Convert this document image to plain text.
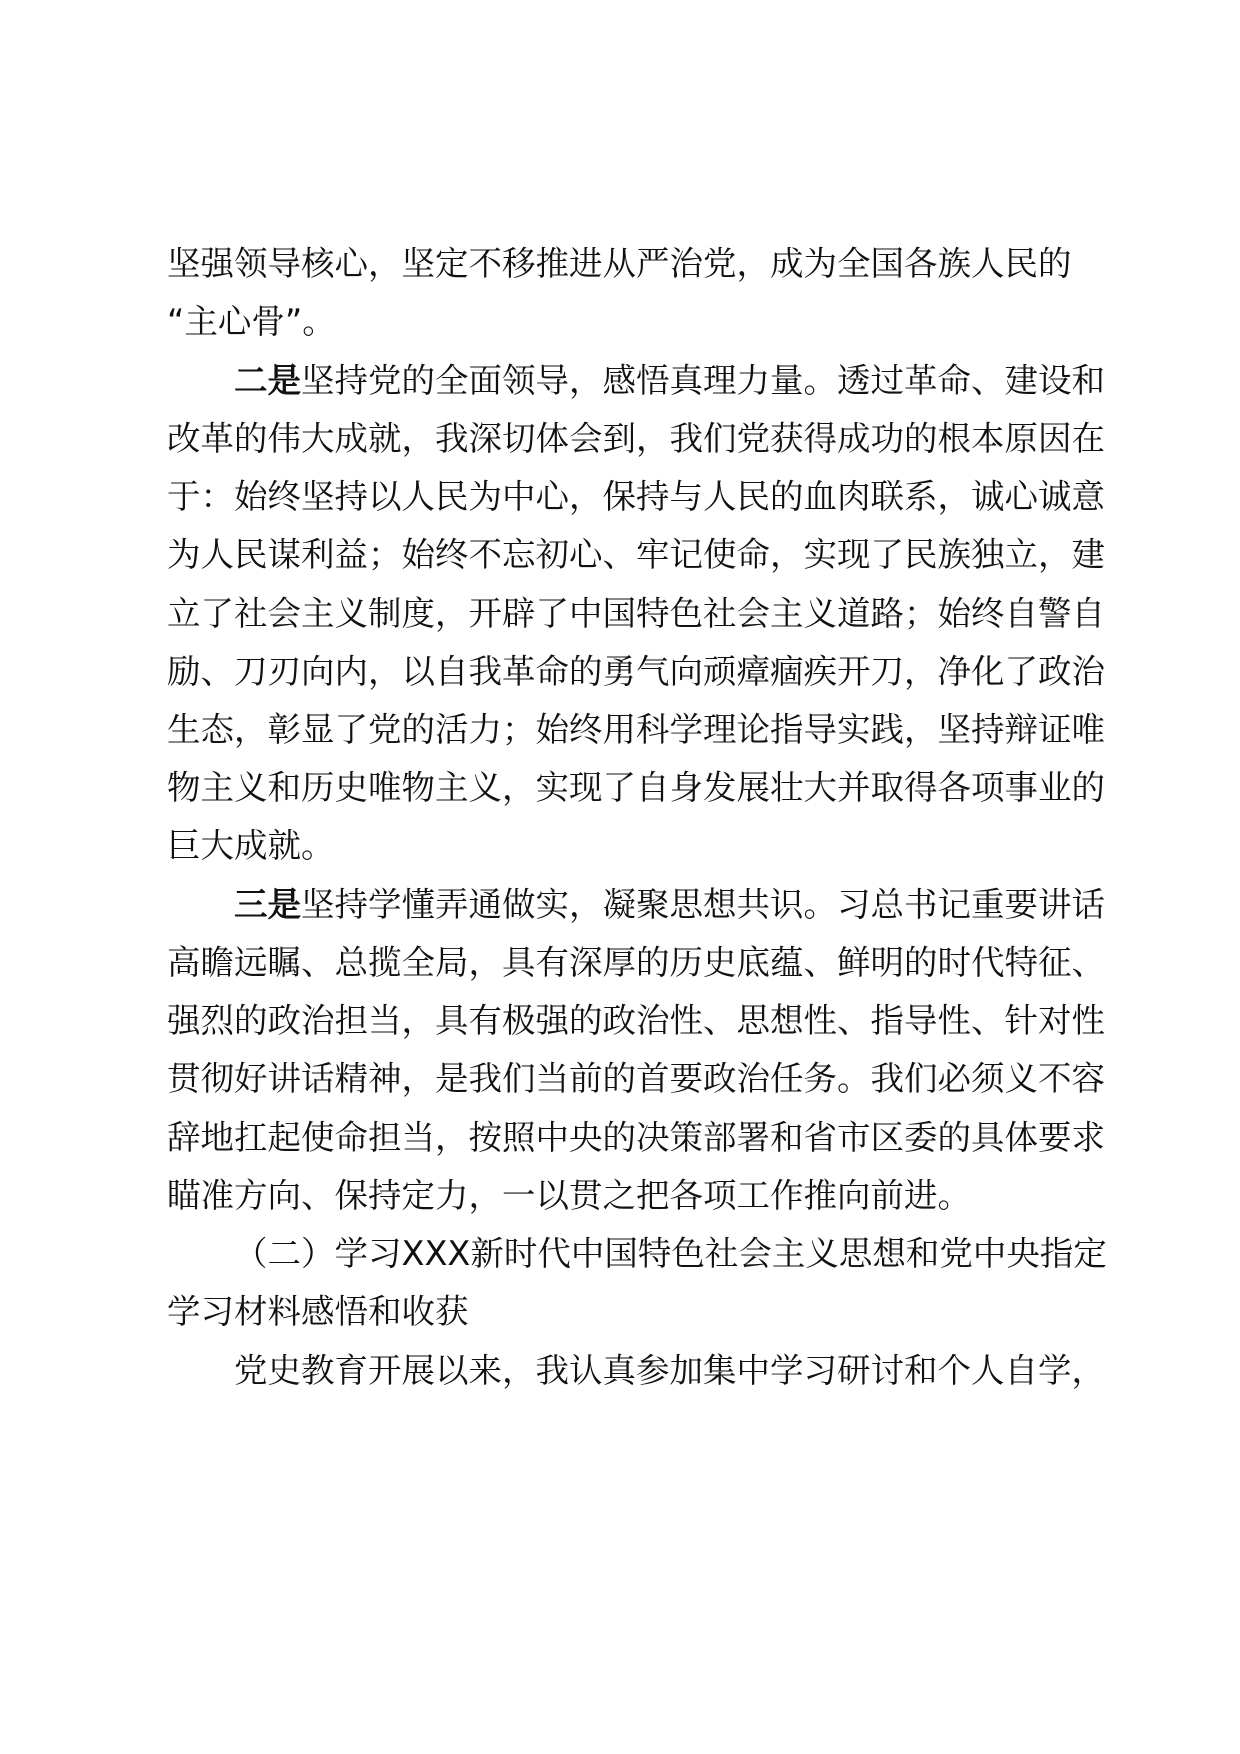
坚强领导核心，坚定不移推进从严治党，成为全国各族人民的
“主心骨”。
二是坚持党的全面领导，感悟真理力量。透过革命、建设和
改革的伟大成就，我深切体会到，我们党获得成功的根本原因在
于：始终坚持以人民为中心，保持与人民的血肉联系，诚心诚意
为人民谋利益；始终不忘初心、牢记使命，实现了民族独立，建
立了社会主义制度，开辟了中国特色社会主义道路；始终自警自
励、刀刃向内，以自我革命的勇气向顽瘴痼疾开刀，净化了政治
生态，彰显了党的活力；始终用科学理论指导实践，坚持辩证唯
物主义和历史唯物主义，实现了自身发展壮大并取得各项事业的
巨大成就。
三是坚持学懂弄通做实，凝聚思想共识。习总书记重要讲话
高瞻远瞩、总揽全局，具有深厚的历史底蕴、鲜明的时代特征、
强烈的政治担当，具有极强的政治性、思想性、指导性、针对性
贯彻好讲话精神，是我们当前的首要政治任务。我们必须义不容
辞地扛起使命担当，按照中央的决策部署和省市区委的具体要求
瞄准方向、保持定力，一以贯之把各项工作推向前进。
（二）学习XXX新时代中国特色社会主义思想和党中央指定
学习材料感悟和收获
党史教育开展以来，我认真参加集中学习研讨和个人自学，
